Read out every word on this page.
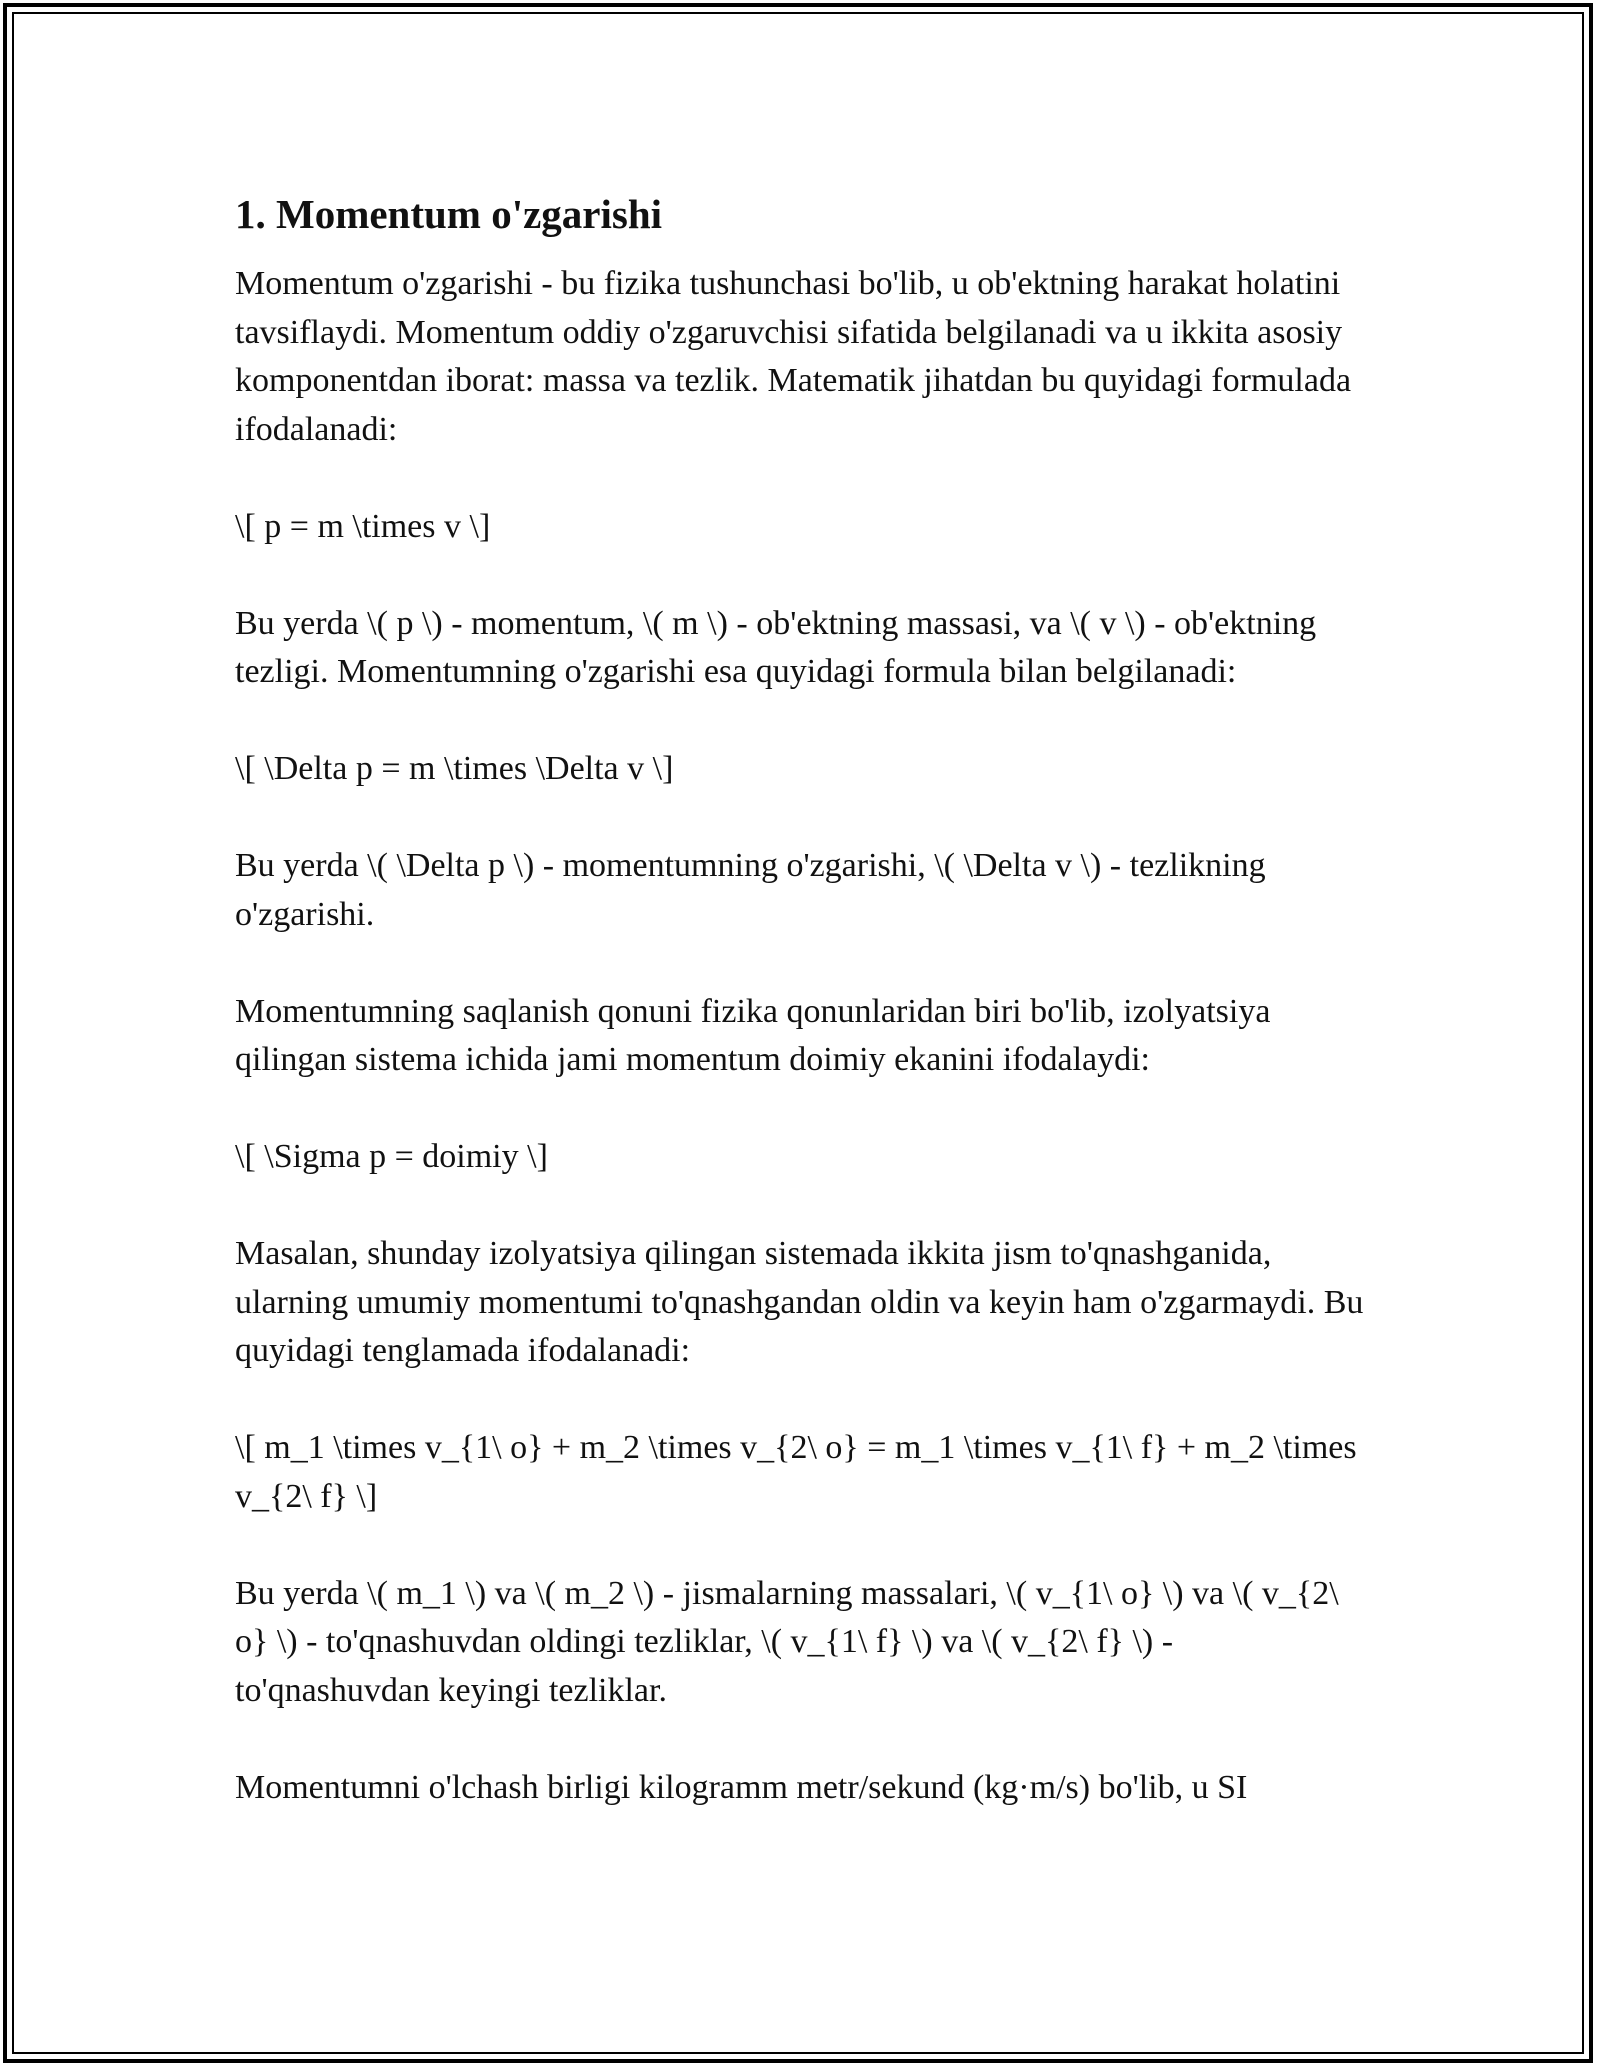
1. Momentum o'zgarishi

Momentum o'zgarishi - bu fizika tushunchasi bo'lib, u ob'ektning harakat holatini tavsiflaydi. Momentum oddiy o'zgaruvchisi sifatida belgilanadi va u ikkita asosiy komponentdan iborat: massa va tezlik. Matematik jihatdan bu quyidagi formulada ifodalanadi:

\[ p = m \times v \]

Bu yerda \( p \) - momentum, \( m \) - ob'ektning massasi, va \( v \) - ob'ektning tezligi. Momentumning o'zgarishi esa quyidagi formula bilan belgilanadi:

\[ \Delta p = m \times \Delta v \]

Bu yerda \( \Delta p \) - momentumning o'zgarishi, \( \Delta v \) - tezlikning o'zgarishi.

Momentumning saqlanish qonuni fizika qonunlaridan biri bo'lib, izolyatsiya qilingan sistema ichida jami momentum doimiy ekanini ifodalaydi:

\[ \Sigma p = doimiy \]

Masalan, shunday izolyatsiya qilingan sistemada ikkita jism to'qnashganida, ularning umumiy momentumi to'qnashgandan oldin va keyin ham o'zgarmaydi. Bu quyidagi tenglamada ifodalanadi:

\[ m_1 \times v_{1\ o} + m_2 \times v_{2\ o} = m_1 \times v_{1\ f} + m_2 \times v_{2\ f} \]

Bu yerda \( m_1 \) va \( m_2 \) - jismalarning massalari, \( v_{1\ o} \) va \( v_{2\ o} \) - to'qnashuvdan oldingi tezliklar, \( v_{1\ f} \) va \( v_{2\ f} \) - to'qnashuvdan keyingi tezliklar.

Momentumni o'lchash birligi kilogramm metr/sekund (kg·m/s) bo'lib, u SI
